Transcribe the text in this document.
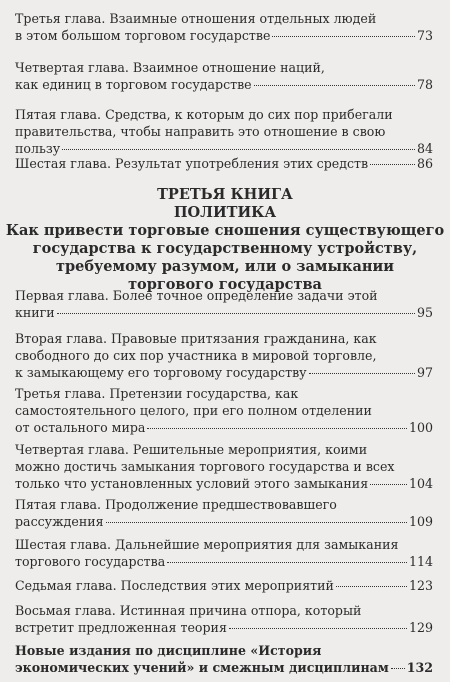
Третья глава. Взаимные отношения отдельных людей
в этом большом торговом государстве	73
Четвертая глава. Взаимное отношение наций,
как единиц в торговом государстве	78
Пятая глава. Средства, к которым до сих пор прибегали
правительства, чтобы направить это отношение в свою
пользу	84
Шестая глава. Результат употребления этих средств	86
ТРЕТЬЯ КНИГА
ПОЛИТИКА
Как привести торговые сношения существующего
государства к государственному устройству,
требуемому разумом, или о замыкании
торгового государства
Первая глава. Более точное определение задачи этой
книги	95
Вторая глава. Правовые притязания гражданина, как
свободного до сих пор участника в мировой торговле,
к замыкающему его торговому государству	97
Третья глава. Претензии государства, как
самостоятельного целого, при его полном отделении
от остального мира	100
Четвертая глава. Решительные мероприятия, коими
можно достичь замыкания торгового государства и всех
только что установленных условий этого замыкания	104
Пятая глава. Продолжение предшествовавшего
рассуждения	109
Шестая глава. Дальнейшие мероприятия для замыкания
торгового государства	114
Седьмая глава. Последствия этих мероприятий	123
Восьмая глава. Истинная причина отпора, который
встретит предложенная теория	129
Новые издания по дисциплине «История
экономических учений» и смежным дисциплинам 132
